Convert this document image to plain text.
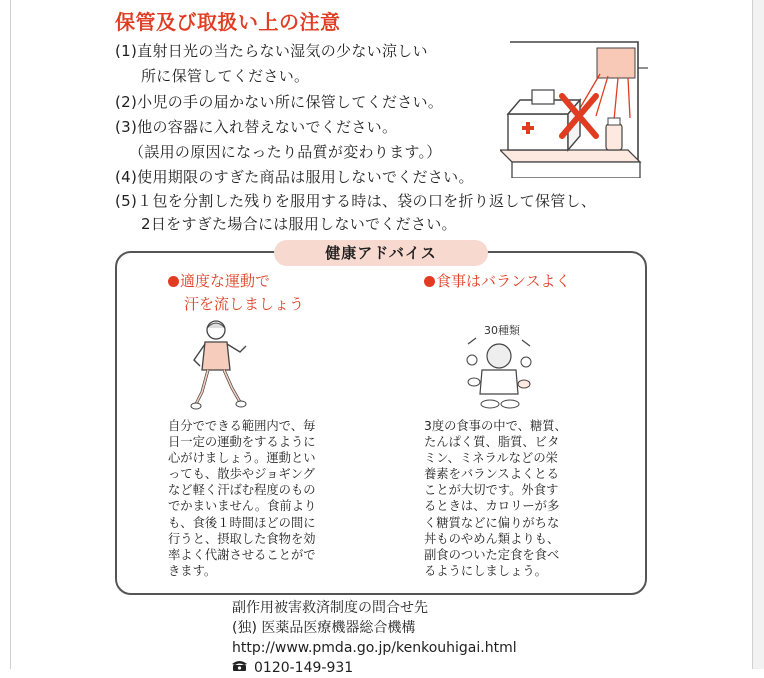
保管及び取扱い上の注意
(1)直射日光の当たらない湿気の少ない涼しい
所に保管してください。
(2)小児の手の届かない所に保管してください。
(3)他の容器に入れ替えないでください。
（誤用の原因になったり品質が変わります。）
(4)使用期限のすぎた商品は服用しないでください。
(5)１包を分割した残りを服用する時は、袋の口を折り返して保管し、
2日をすぎた場合には服用しないでください。
健康アドバイス
適度な運動で
汗を流しましょう
食事はバランスよく
30種類
自分でできる範囲内で、毎
日一定の運動をするように
心がけましょう。運動とい
っても、散歩やジョギング
など軽く汗ばむ程度のもの
でかまいません。食前より
も、食後１時間ほどの間に
行うと、摂取した食物を効
率よく代謝させることがで
きます。
3度の食事の中で、糖質、
たんぱく質、脂質、ビタ
ミン、ミネラルなどの栄
養素をバランスよくとる
ことが大切です。外食す
るときは、カロリーが多
く糖質などに偏りがちな
丼ものやめん類よりも、
副食のついた定食を食べ
るようにしましょう。
副作用被害救済制度の問合せ先
(独) 医薬品医療機器総合機構
http://www.pmda.go.jp/kenkouhigai.html
0120-149-931
